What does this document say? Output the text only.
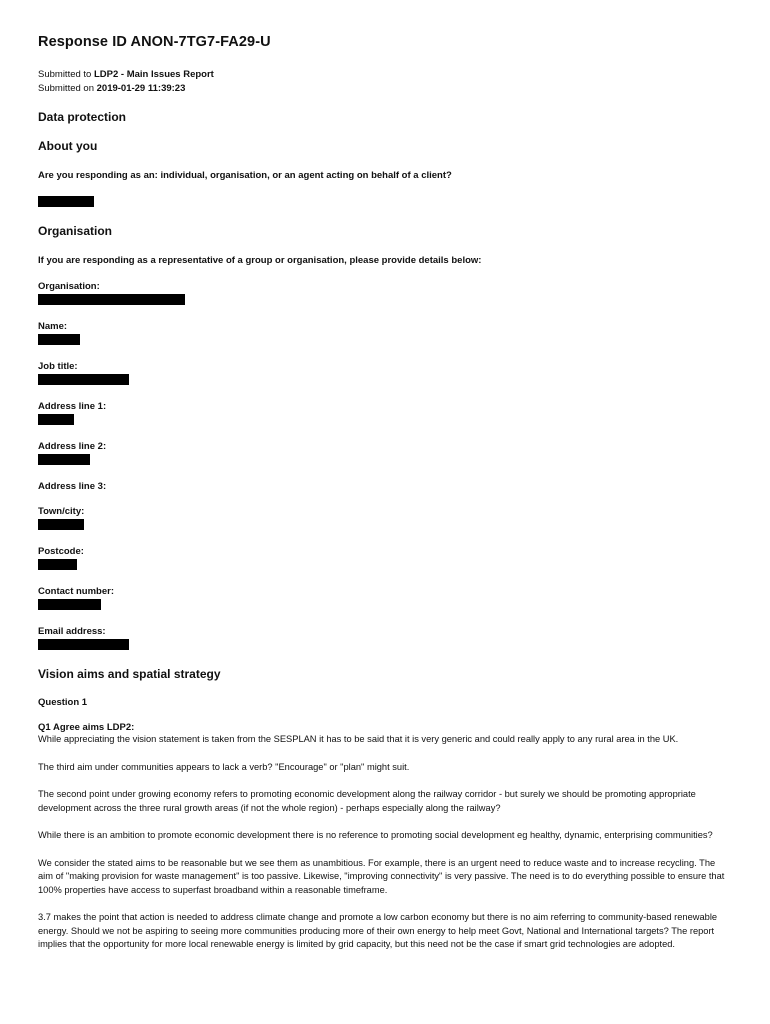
Response ID ANON-7TG7-FA29-U
Submitted to LDP2 - Main Issues Report
Submitted on 2019-01-29 11:39:23
Data protection
About you

Are you responding as an: individual, organisation, or an agent acting on behalf of a client?

Organisation

If you are responding as a representative of a group or organisation, please provide details below:

Organisation:

Name:

Job title:

Address line 1:

Address line 2:

Address line 3:

Town/city:

Postcode:

Contact number:

Email address:

Vision aims and spatial strategy

Question 1

Q1 Agree aims LDP2:

While appreciating the vision statement is taken from the SESPLAN it has to be said that it is very generic and could really apply to any rural area in the UK.

The third aim under communities appears to lack a verb? "Encourage" or "plan" might suit.

The second point under growing economy refers to promoting economic development along the railway corridor - but surely we should be promoting appropriate development across the three rural growth areas (if not the whole region) - perhaps especially along the railway?

While there is an ambition to promote economic development there is no reference to promoting social development eg healthy, dynamic, enterprising communities?

We consider the stated aims to be reasonable but we see them as unambitious. For example, there is an urgent need to reduce waste and to increase recycling. The aim of "making provision for waste management" is too passive. Likewise, "improving connectivity" is very passive. The need is to do everything possible to ensure that 100% properties have access to superfast broadband within a reasonable timeframe.

3.7 makes the point that action is needed to address climate change and promote a low carbon economy but there is no aim referring to community-based renewable energy. Should we not be aspiring to seeing more communities producing more of their own energy to help meet Govt, National and International targets? The report implies that the opportunity for more local renewable energy is limited by grid capacity, but this need not be the case if smart grid technologies are adopted.
